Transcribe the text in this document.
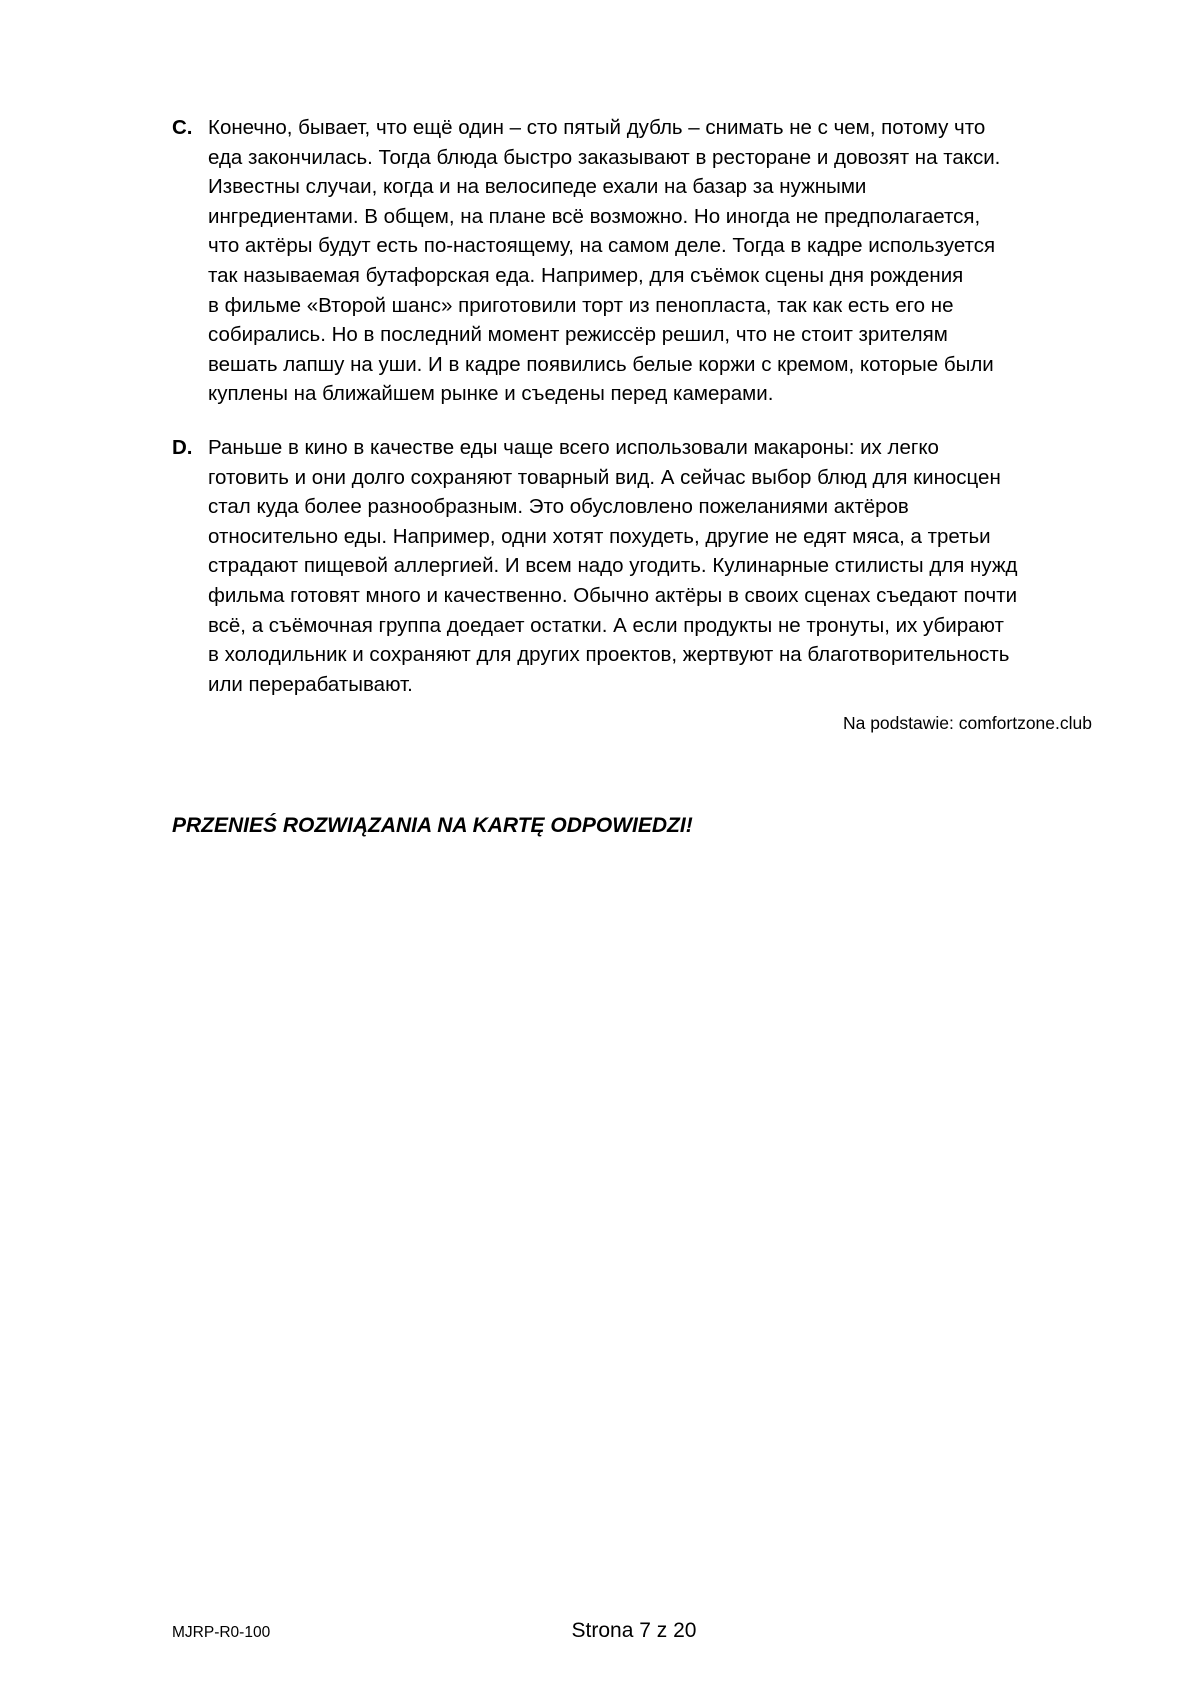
C. Конечно, бывает, что ещё один – сто пятый дубль – снимать не с чем, потому что
еда закончилась. Тогда блюда быстро заказывают в ресторане и довозят на такси.
Известны случаи, когда и на велосипеде ехали на базар за нужными
ингредиентами. В общем, на плане всё возможно. Но иногда не предполагается,
что актёры будут есть по-настоящему, на самом деле. Тогда в кадре используется
так называемая бутафорская еда. Например, для съёмок сцены дня рождения
в фильме «Второй шанс» приготовили торт из пенопласта, так как есть его не
собирались. Но в последний момент режиссёр решил, что не стоит зрителям
вешать лапшу на уши. И в кадре появились белые коржи с кремом, которые были
куплены на ближайшем рынке и съедены перед камерами.
D. Раньше в кино в качестве еды чаще всего использовали макароны: их легко
готовить и они долго сохраняют товарный вид. А сейчас выбор блюд для киносцен
стал куда более разнообразным. Это обусловлено пожеланиями актёров
относительно еды. Например, одни хотят похудеть, другие не едят мяса, а третьи
страдают пищевой аллергией. И всем надо угодить. Кулинарные стилисты для нужд
фильма готовят много и качественно. Обычно актёры в своих сценах съедают почти
всё, а съёмочная группа доедает остатки. А если продукты не тронуты, их убирают
в холодильник и сохраняют для других проектов, жертвуют на благотворительность
или перерабатывают.
Na podstawie: comfortzone.club
PRZENIEŚ ROZWIĄZANIA NA KARTĘ ODPOWIEDZI!
MJRP-R0-100	Strona 7 z 20
